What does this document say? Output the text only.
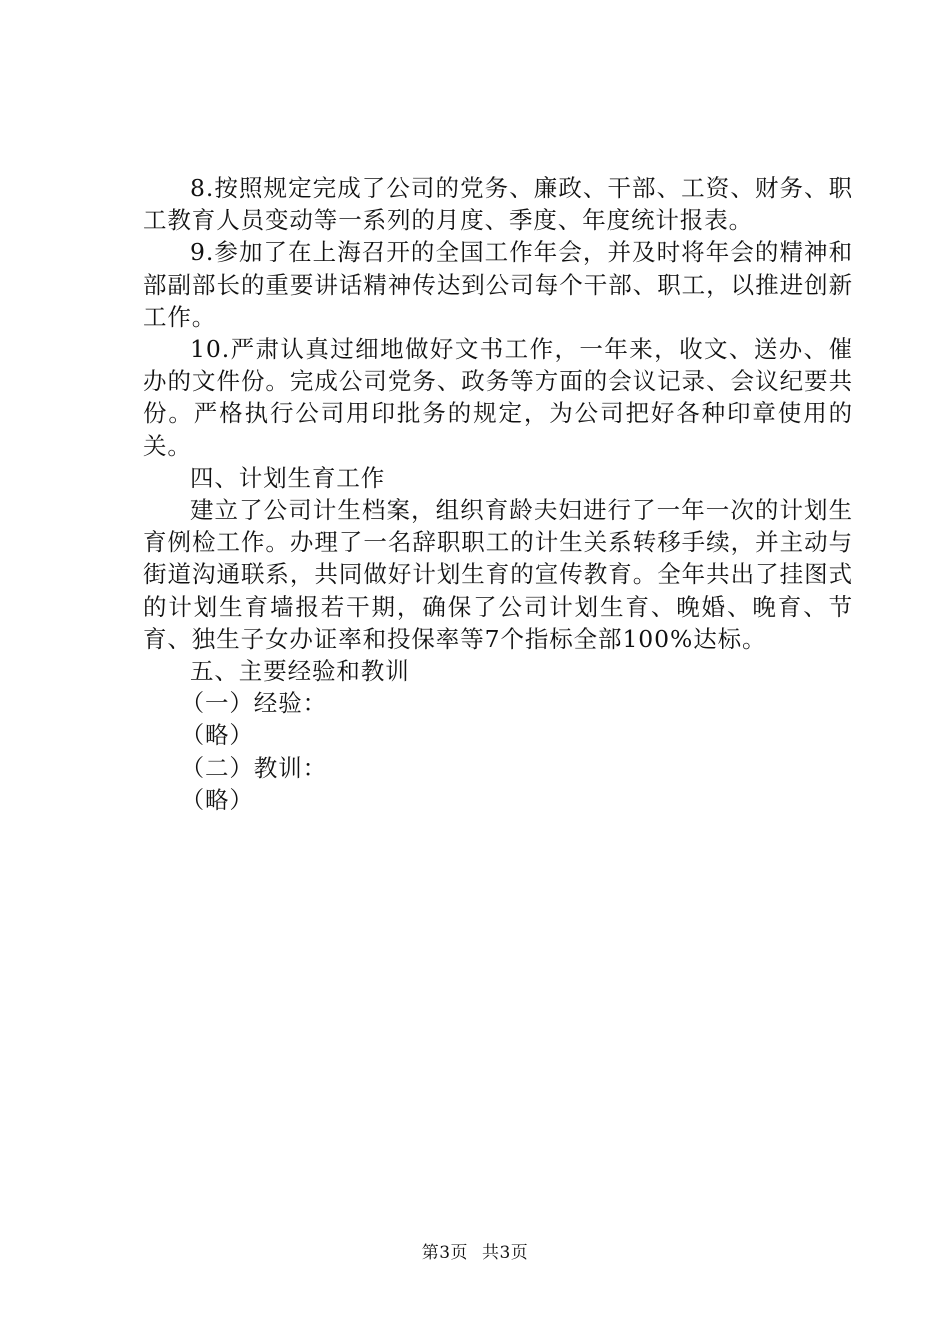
8.按照规定完成了公司的党务、廉政、干部、工资、财务、职工教育人员变动等一系列的月度、季度、年度统计报表。

9.参加了在上海召开的全国工作年会，并及时将年会的精神和部副部长的重要讲话精神传达到公司每个干部、职工，以推进创新工作。

10.严肃认真过细地做好文书工作，一年来，收文、送办、催办的文件份。完成公司党务、政务等方面的会议记录、会议纪要共份。严格执行公司用印批务的规定，为公司把好各种印章使用的关。

四、计划生育工作

建立了公司计生档案，组织育龄夫妇进行了一年一次的计划生育例检工作。办理了一名辞职职工的计生关系转移手续，并主动与街道沟通联系，共同做好计划生育的宣传教育。全年共出了挂图式的计划生育墙报若干期，确保了公司计划生育、晚婚、晚育、节育、独生子女办证率和投保率等7个指标全部100%达标。

五、主要经验和教训

（一）经验：

（略）

（二）教训：

（略）

第3页 共3页
